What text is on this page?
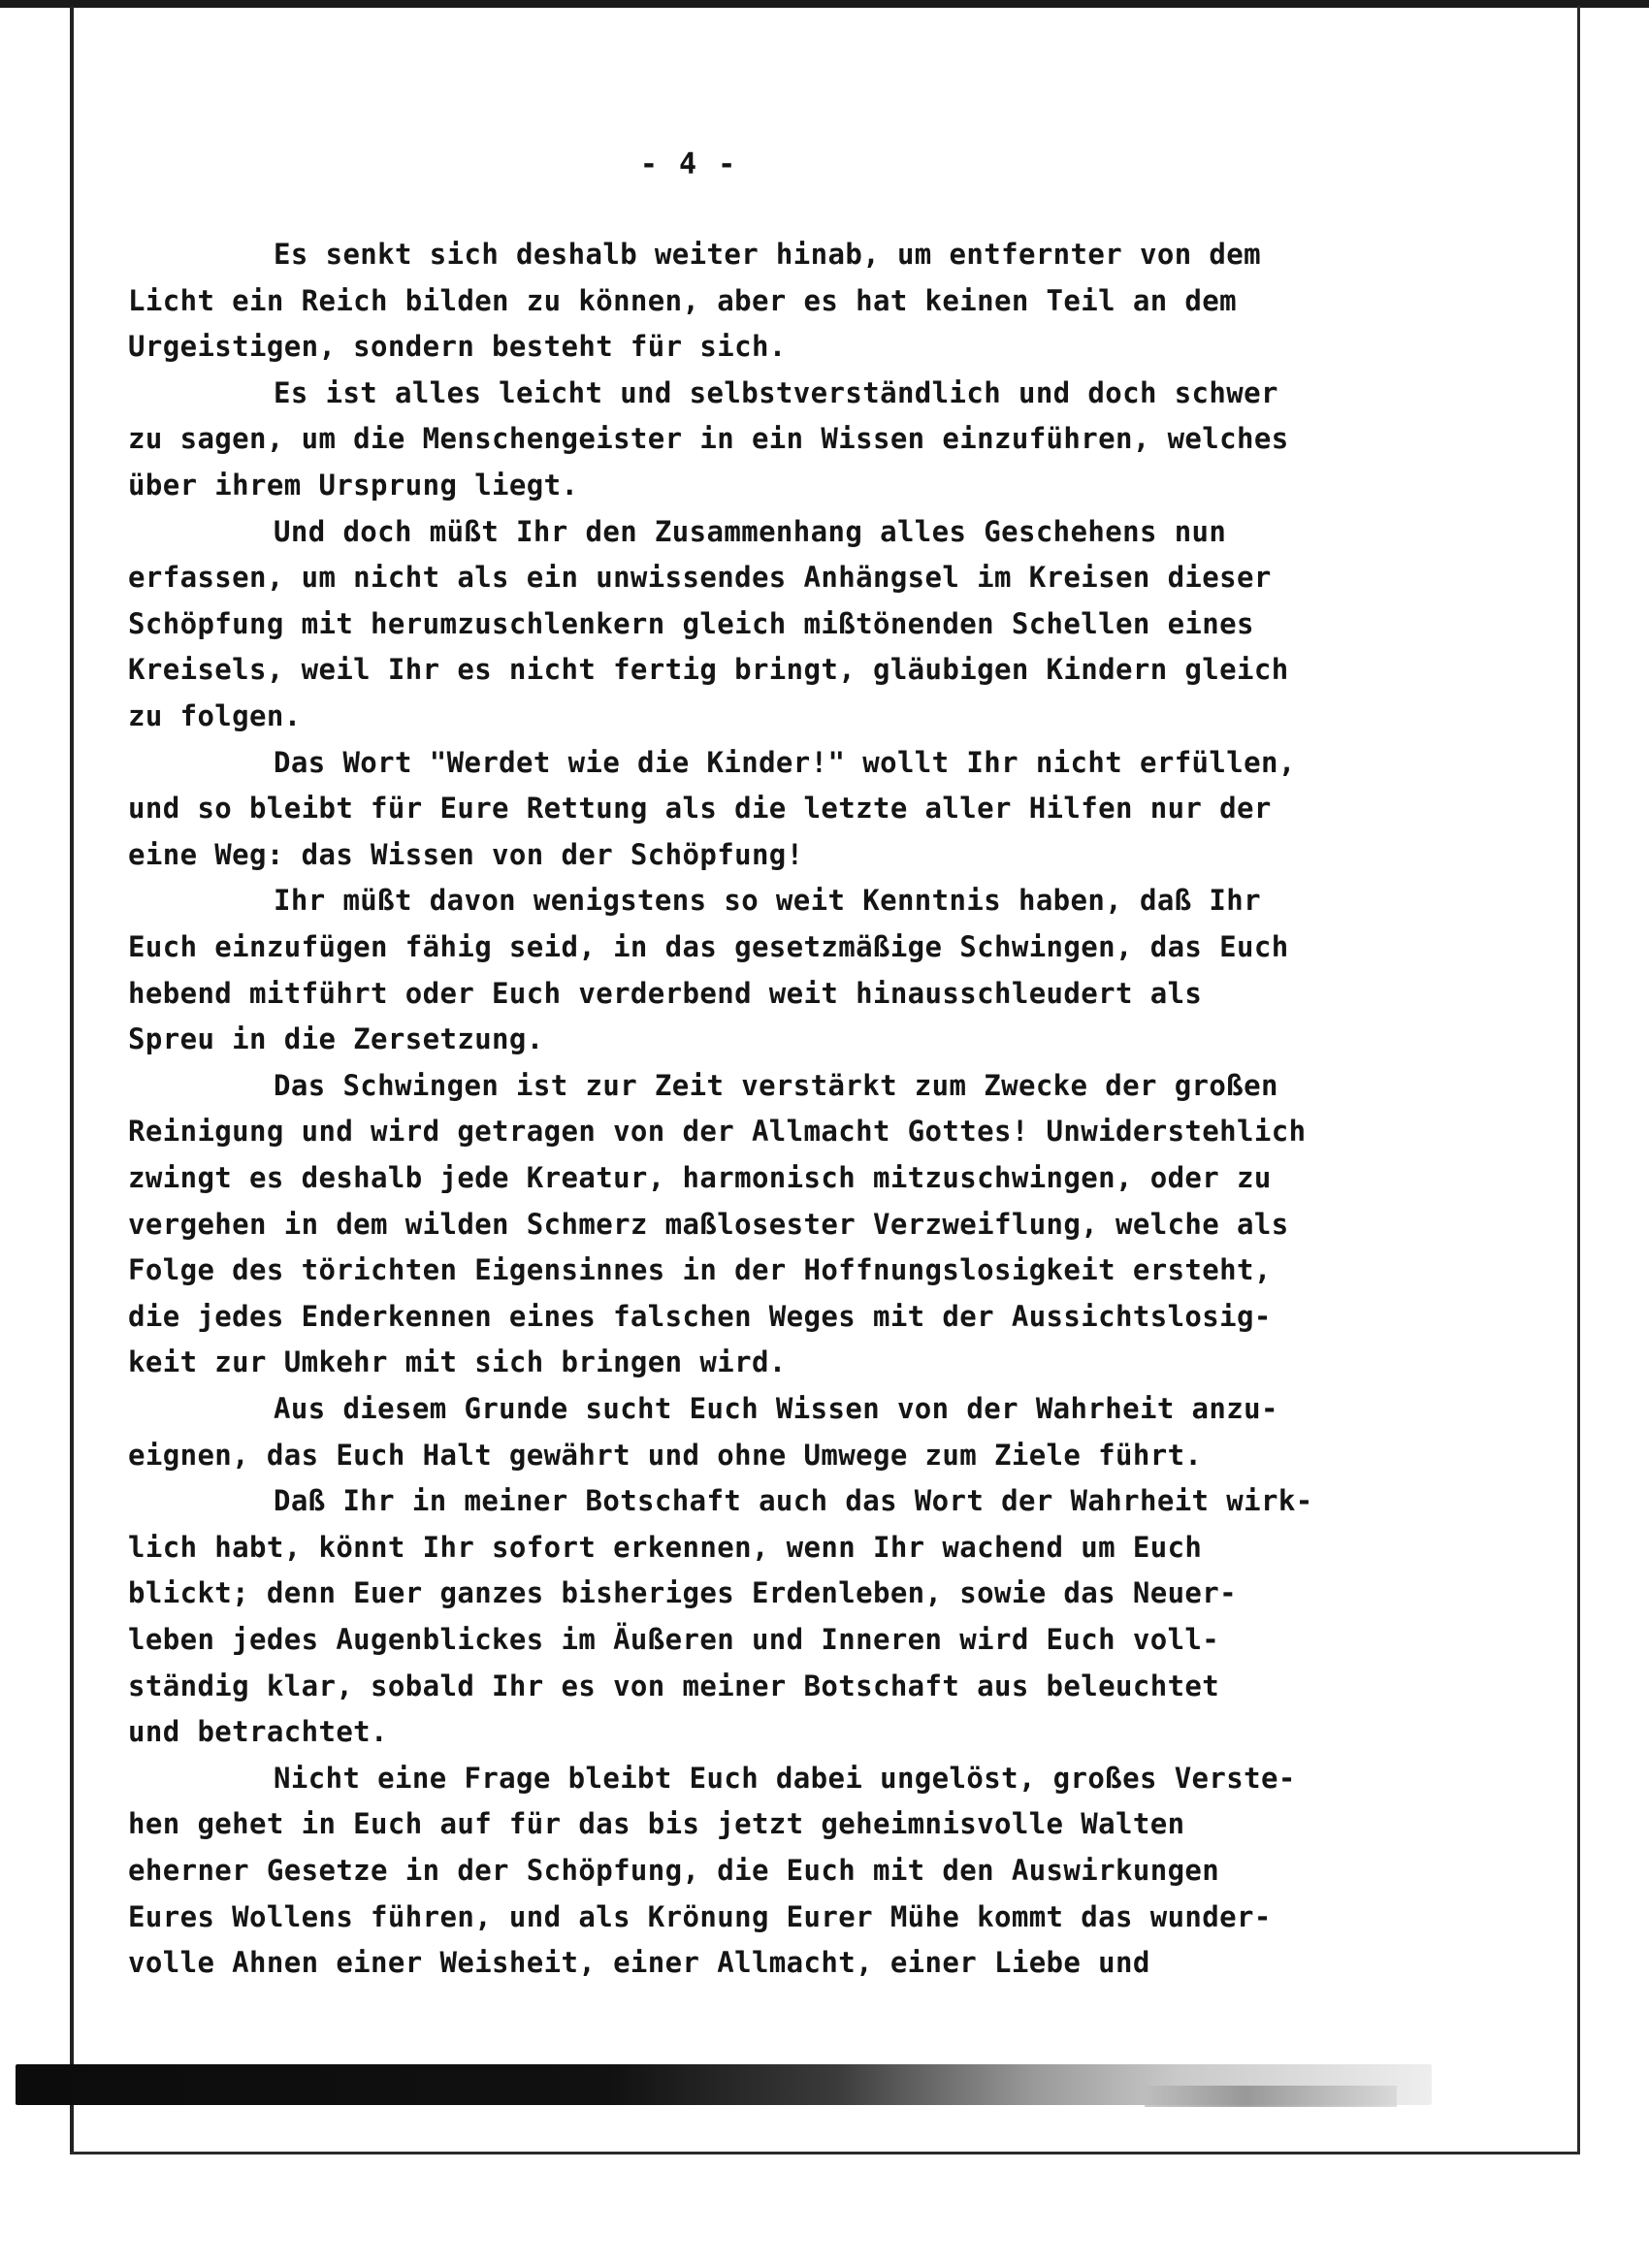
- 4 -
Es senkt sich deshalb weiter hinab, um entfernter von dem
Licht ein Reich bilden zu können, aber es hat keinen Teil an dem
Urgeistigen, sondern besteht für sich.
Es ist alles leicht und selbstverständlich und doch schwer
zu sagen, um die Menschengeister in ein Wissen einzuführen, welches
über ihrem Ursprung liegt.
Und doch müßt Ihr den Zusammenhang alles Geschehens nun
erfassen, um nicht als ein unwissendes Anhängsel im Kreisen dieser
Schöpfung mit herumzuschlenkern gleich mißtönenden Schellen eines
Kreisels, weil Ihr es nicht fertig bringt, gläubigen Kindern gleich
zu folgen.
Das Wort "Werdet wie die Kinder!" wollt Ihr nicht erfüllen,
und so bleibt für Eure Rettung als die letzte aller Hilfen nur der
eine Weg: das Wissen von der Schöpfung!
Ihr müßt davon wenigstens so weit Kenntnis haben, daß Ihr
Euch einzufügen fähig seid, in das gesetzmäßige Schwingen, das Euch
hebend mitführt oder Euch verderbend weit hinausschleudert als
Spreu in die Zersetzung.
Das Schwingen ist zur Zeit verstärkt zum Zwecke der großen
Reinigung und wird getragen von der Allmacht Gottes! Unwiderstehlich
zwingt es deshalb jede Kreatur, harmonisch mitzuschwingen, oder zu
vergehen in dem wilden Schmerz maßlosester Verzweiflung, welche als
Folge des törichten Eigensinnes in der Hoffnungslosigkeit ersteht,
die jedes Enderkennen eines falschen Weges mit der Aussichtslosig-
keit zur Umkehr mit sich bringen wird.
Aus diesem Grunde sucht Euch Wissen von der Wahrheit anzu-
eignen, das Euch Halt gewährt und ohne Umwege zum Ziele führt.
Daß Ihr in meiner Botschaft auch das Wort der Wahrheit wirk-
lich habt, könnt Ihr sofort erkennen, wenn Ihr wachend um Euch
blickt; denn Euer ganzes bisheriges Erdenleben, sowie das Neuer-
leben jedes Augenblickes im Äußeren und Inneren wird Euch voll-
ständig klar, sobald Ihr es von meiner Botschaft aus beleuchtet
und betrachtet.
Nicht eine Frage bleibt Euch dabei ungelöst, großes Verste-
hen gehet in Euch auf für das bis jetzt geheimnisvolle Walten
eherner Gesetze in der Schöpfung, die Euch mit den Auswirkungen
Eures Wollens führen, und als Krönung Eurer Mühe kommt das wunder-
volle Ahnen einer Weisheit, einer Allmacht, einer Liebe und
